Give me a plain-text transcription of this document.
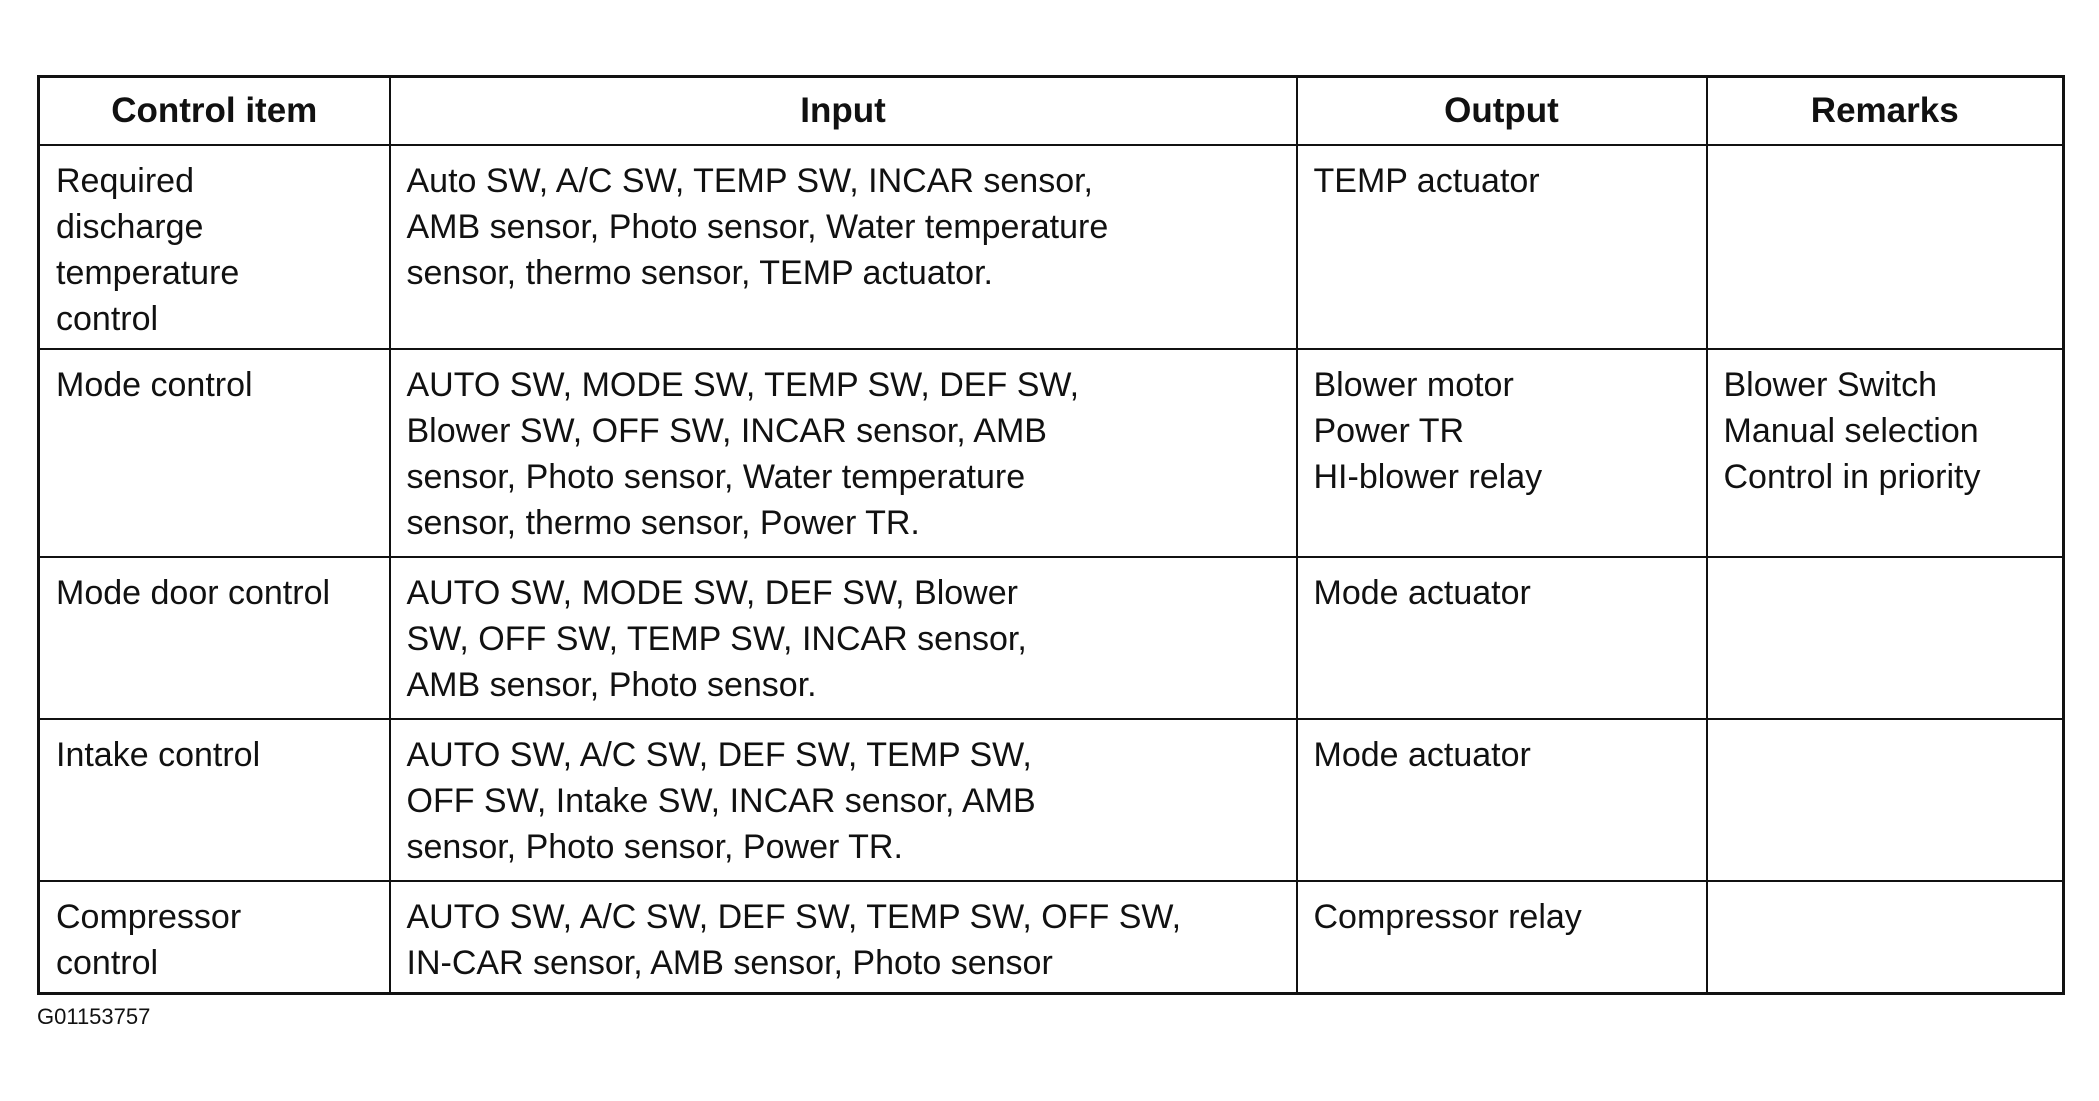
Control item	Input	Output	Remarks

Required
discharge
temperature
control	Auto SW, A/C SW, TEMP SW, INCAR sensor,
AMB sensor, Photo sensor, Water temperature
sensor, thermo sensor, TEMP actuator.	TEMP actuator	

Mode control	AUTO SW, MODE SW, TEMP SW, DEF SW,
Blower SW, OFF SW, INCAR sensor, AMB
sensor, Photo sensor, Water temperature
sensor, thermo sensor, Power TR.	Blower motor
Power TR
HI-blower relay	Blower Switch
Manual selection
Control in priority

Mode door control	AUTO SW, MODE SW, DEF SW, Blower
SW, OFF SW, TEMP SW, INCAR sensor,
AMB sensor, Photo sensor.	Mode actuator	

Intake control	AUTO SW, A/C SW, DEF SW, TEMP SW,
OFF SW, Intake SW, INCAR sensor, AMB
sensor, Photo sensor, Power TR.	Mode actuator	

Compressor
control	AUTO SW, A/C SW, DEF SW, TEMP SW, OFF SW,
IN-CAR sensor, AMB sensor, Photo sensor	Compressor relay	

G01153757
